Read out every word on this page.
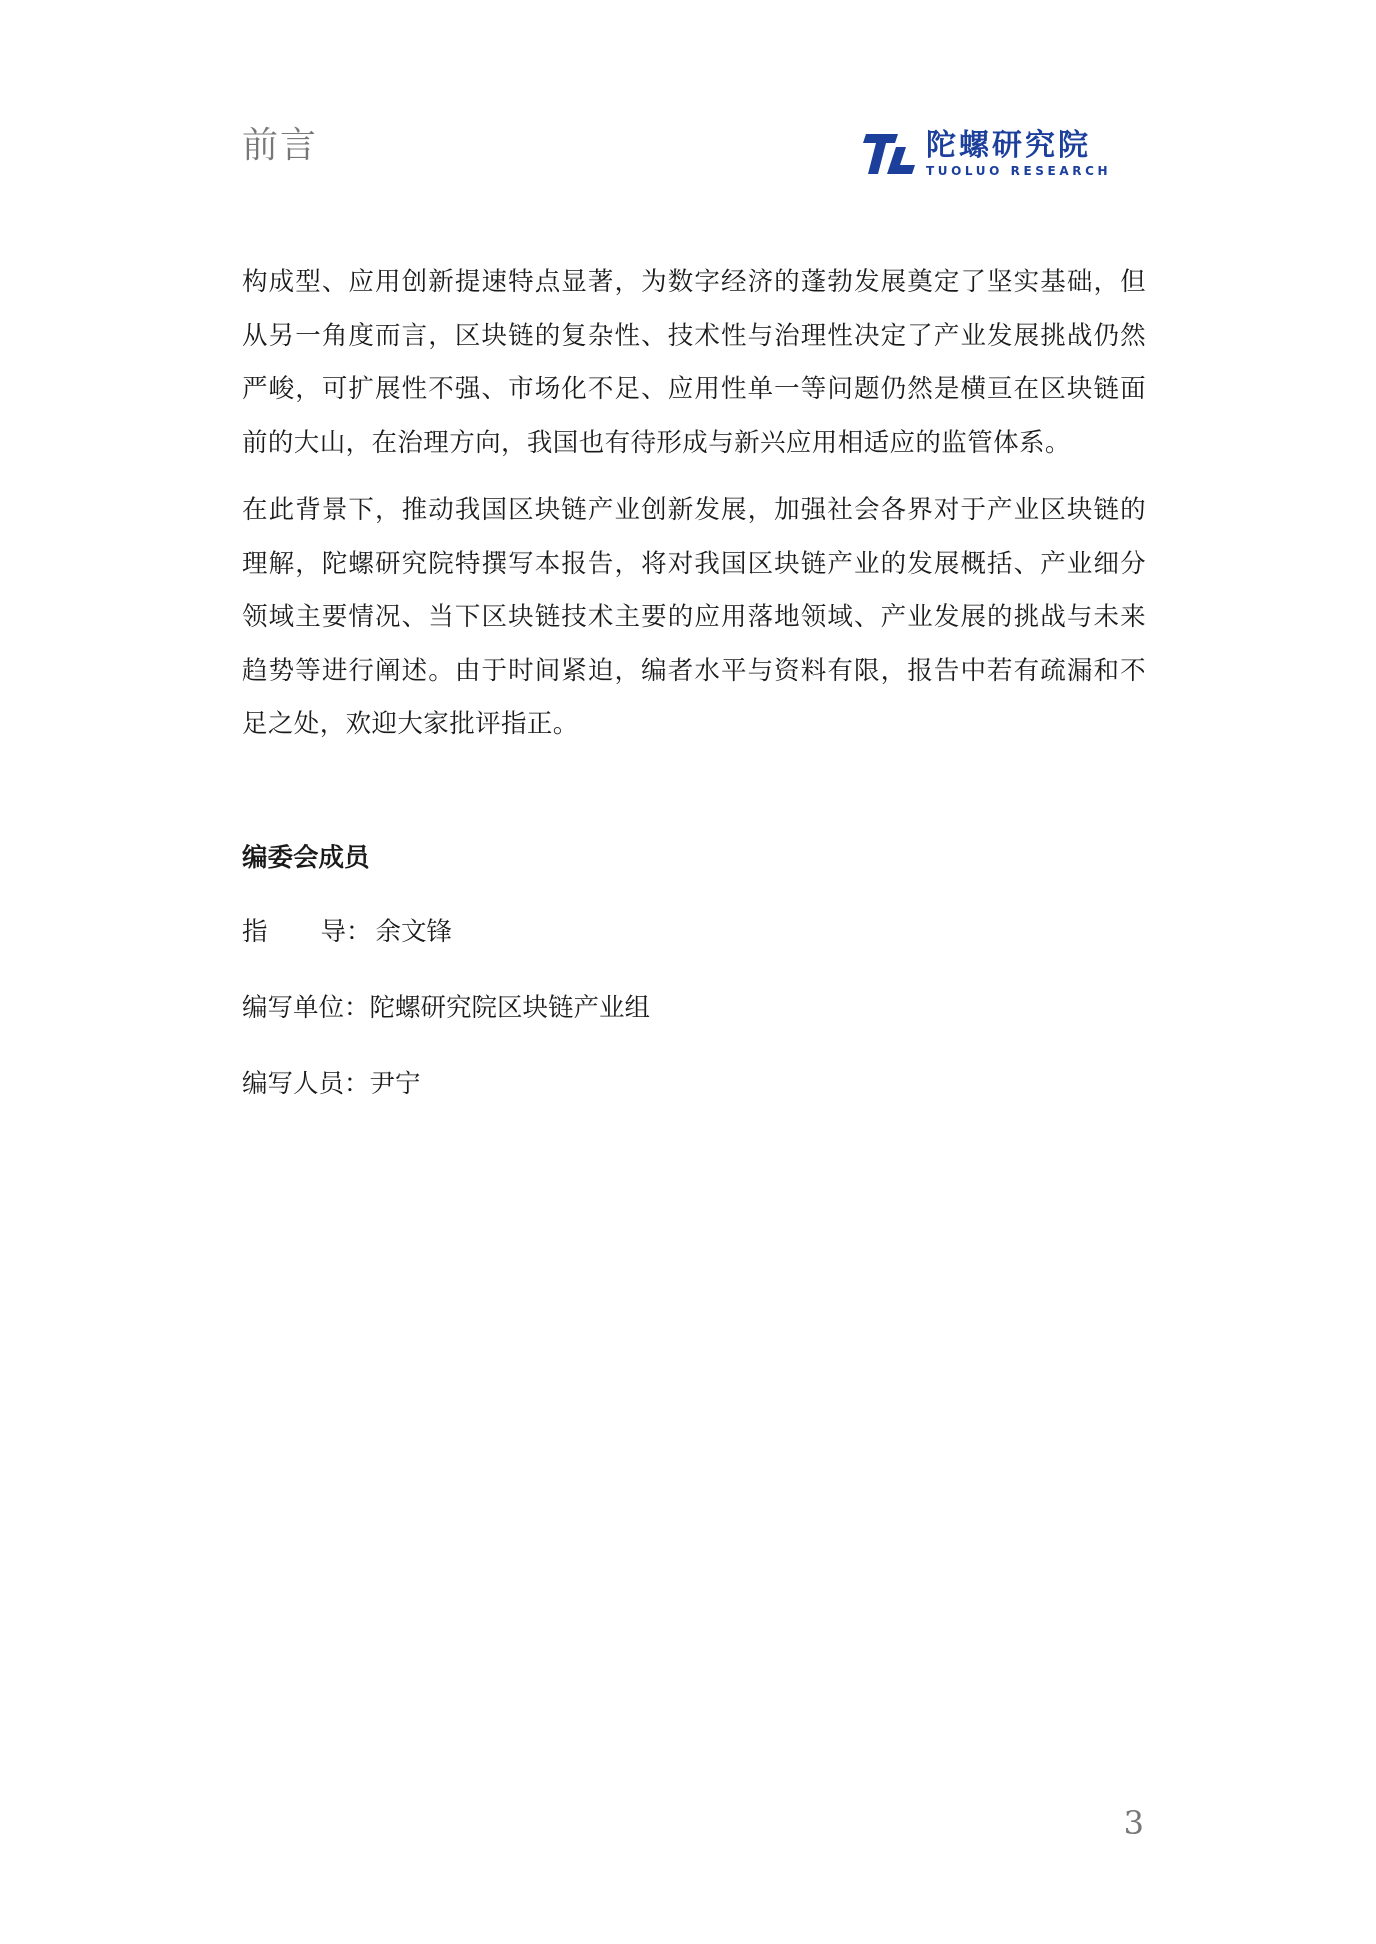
前言	陀螺研究院
TUOLUO RESEARCH

构成型、应用创新提速特点显著，为数字经济的蓬勃发展奠定了坚实基础，但从另一角度而言，区块链的复杂性、技术性与治理性决定了产业发展挑战仍然严峻，可扩展性不强、市场化不足、应用性单一等问题仍然是横亘在区块链面前的大山，在治理方向，我国也有待形成与新兴应用相适应的监管体系。

在此背景下，推动我国区块链产业创新发展，加强社会各界对于产业区块链的理解，陀螺研究院特撰写本报告，将对我国区块链产业的发展概括、产业细分领域主要情况、当下区块链技术主要的应用落地领域、产业发展的挑战与未来趋势等进行阐述。由于时间紧迫，编者水平与资料有限，报告中若有疏漏和不足之处，欢迎大家批评指正。

编委会成员
指 导 ： 余文锋
编写单位 ： 陀螺研究院区块链产业组
编写人员 ： 尹宁
3
